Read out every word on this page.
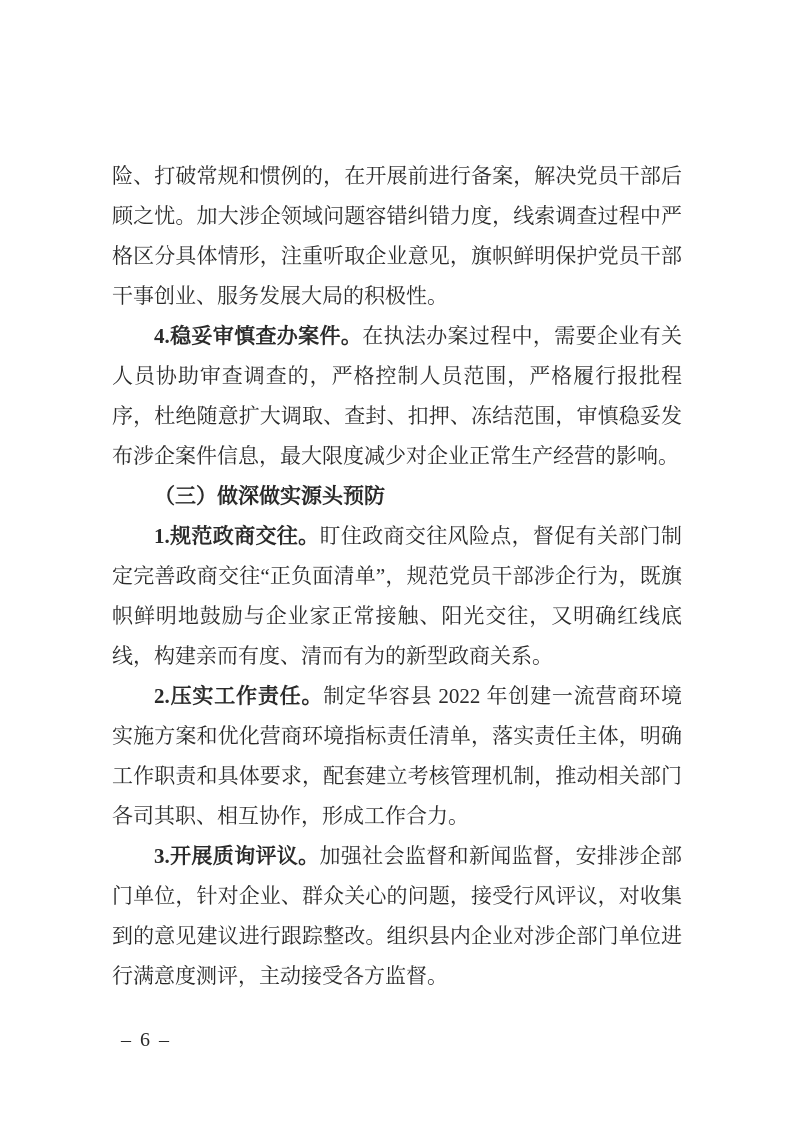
险、打破常规和惯例的，在开展前进行备案，解决党员干部后顾之忧。加大涉企领域问题容错纠错力度，线索调查过程中严格区分具体情形，注重听取企业意见，旗帜鲜明保护党员干部干事创业、服务发展大局的积极性。

4.稳妥审慎查办案件。在执法办案过程中，需要企业有关人员协助审查调查的，严格控制人员范围，严格履行报批程序，杜绝随意扩大调取、查封、扣押、冻结范围，审慎稳妥发布涉企案件信息，最大限度减少对企业正常生产经营的影响。

（三）做深做实源头预防

1.规范政商交往。盯住政商交往风险点，督促有关部门制定完善政商交往“正负面清单”，规范党员干部涉企行为，既旗帜鲜明地鼓励与企业家正常接触、阳光交往，又明确红线底线，构建亲而有度、清而有为的新型政商关系。

2.压实工作责任。制定华容县 2022 年创建一流营商环境实施方案和优化营商环境指标责任清单，落实责任主体，明确工作职责和具体要求，配套建立考核管理机制，推动相关部门各司其职、相互协作，形成工作合力。

3.开展质询评议。加强社会监督和新闻监督，安排涉企部门单位，针对企业、群众关心的问题，接受行风评议，对收集到的意见建议进行跟踪整改。组织县内企业对涉企部门单位进行满意度测评，主动接受各方监督。

– 6 –
